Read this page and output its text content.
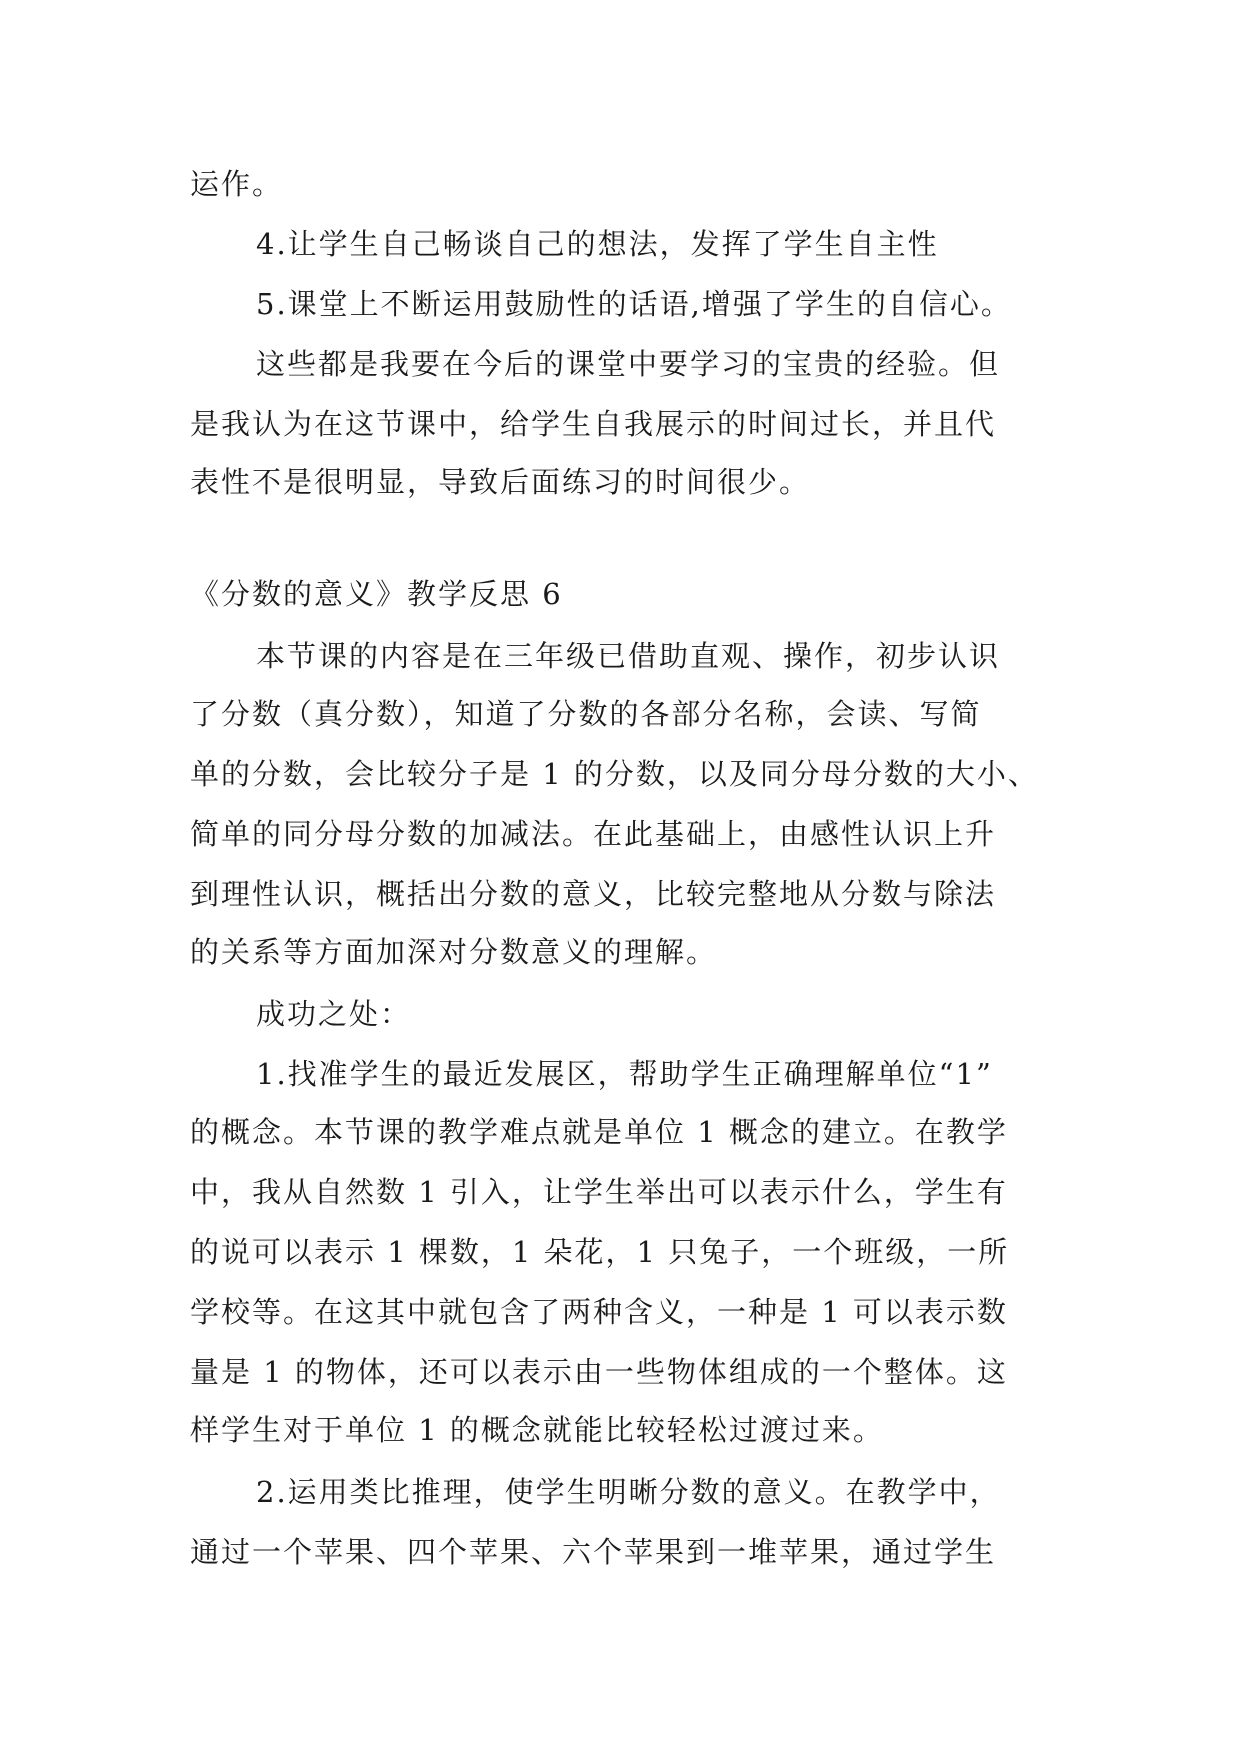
运作。
4.让学生自己畅谈自己的想法，发挥了学生自主性
5.课堂上不断运用鼓励性的话语,增强了学生的自信心。
这些都是我要在今后的课堂中要学习的宝贵的经验。但
是我认为在这节课中，给学生自我展示的时间过长，并且代
表性不是很明显，导致后面练习的时间很少。
《分数的意义》教学反思 6
本节课的内容是在三年级已借助直观、操作，初步认识
了分数（真分数），知道了分数的各部分名称，会读、写简
单的分数，会比较分子是 1 的分数，以及同分母分数的大小、
简单的同分母分数的加减法。在此基础上，由感性认识上升
到理性认识，概括出分数的意义，比较完整地从分数与除法
的关系等方面加深对分数意义的理解。
成功之处：
1.找准学生的最近发展区，帮助学生正确理解单位“1”
的概念。本节课的教学难点就是单位 1 概念的建立。在教学
中，我从自然数 1 引入，让学生举出可以表示什么，学生有
的说可以表示 1 棵数，1 朵花，1 只兔子，一个班级，一所
学校等。在这其中就包含了两种含义，一种是 1 可以表示数
量是 1 的物体，还可以表示由一些物体组成的一个整体。这
样学生对于单位 1 的概念就能比较轻松过渡过来。
2.运用类比推理，使学生明晰分数的意义。在教学中，
通过一个苹果、四个苹果、六个苹果到一堆苹果，通过学生
